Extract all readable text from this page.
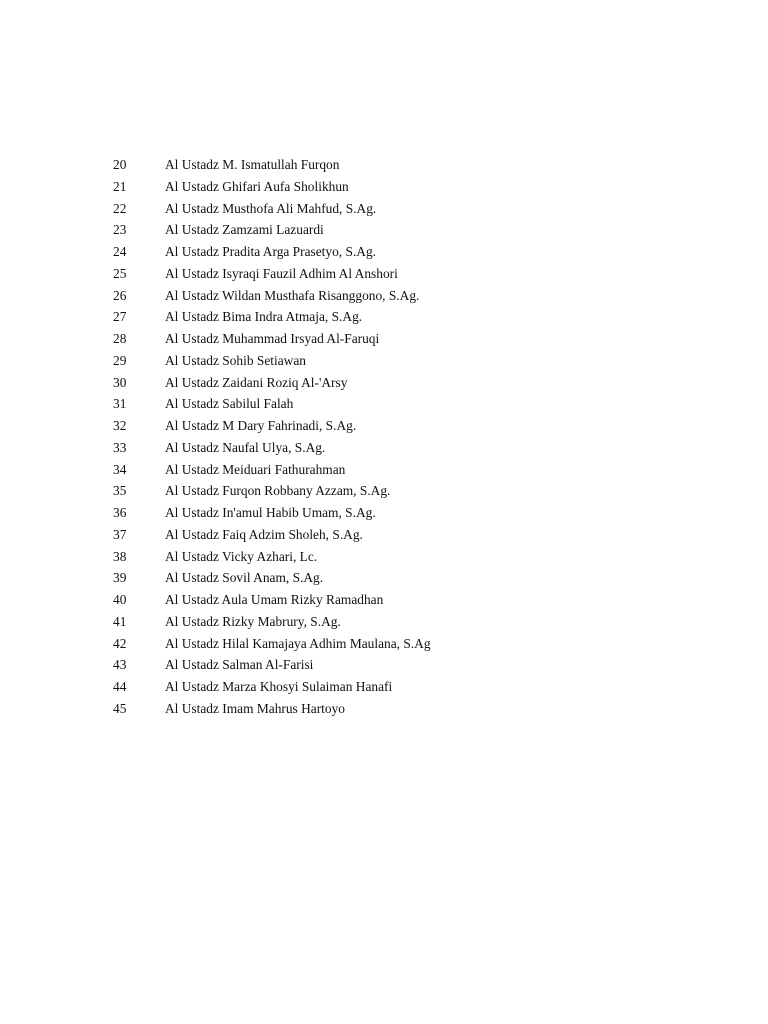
20	Al Ustadz M. Ismatullah Furqon
21	Al Ustadz Ghifari Aufa Sholikhun
22	Al Ustadz Musthofa Ali Mahfud, S.Ag.
23	Al Ustadz Zamzami Lazuardi
24	Al Ustadz Pradita Arga Prasetyo, S.Ag.
25	Al Ustadz Isyraqi Fauzil Adhim Al Anshori
26	Al Ustadz Wildan Musthafa Risanggono, S.Ag.
27	Al Ustadz Bima Indra Atmaja, S.Ag.
28	Al Ustadz Muhammad Irsyad Al-Faruqi
29	Al Ustadz Sohib Setiawan
30	Al Ustadz Zaidani Roziq Al-'Arsy
31	Al Ustadz Sabilul Falah
32	Al Ustadz M Dary Fahrinadi, S.Ag.
33	Al Ustadz Naufal Ulya, S.Ag.
34	Al Ustadz Meiduari Fathurahman
35	Al Ustadz Furqon Robbany Azzam, S.Ag.
36	Al Ustadz In'amul Habib Umam, S.Ag.
37	Al Ustadz Faiq Adzim Sholeh, S.Ag.
38	Al Ustadz Vicky Azhari, Lc.
39	Al Ustadz Sovil Anam, S.Ag.
40	Al Ustadz Aula Umam Rizky Ramadhan
41	Al Ustadz Rizky Mabrury, S.Ag.
42	Al Ustadz Hilal Kamajaya Adhim Maulana, S.Ag
43	Al Ustadz Salman Al-Farisi
44	Al Ustadz Marza Khosyi Sulaiman Hanafi
45	Al Ustadz Imam Mahrus Hartoyo
